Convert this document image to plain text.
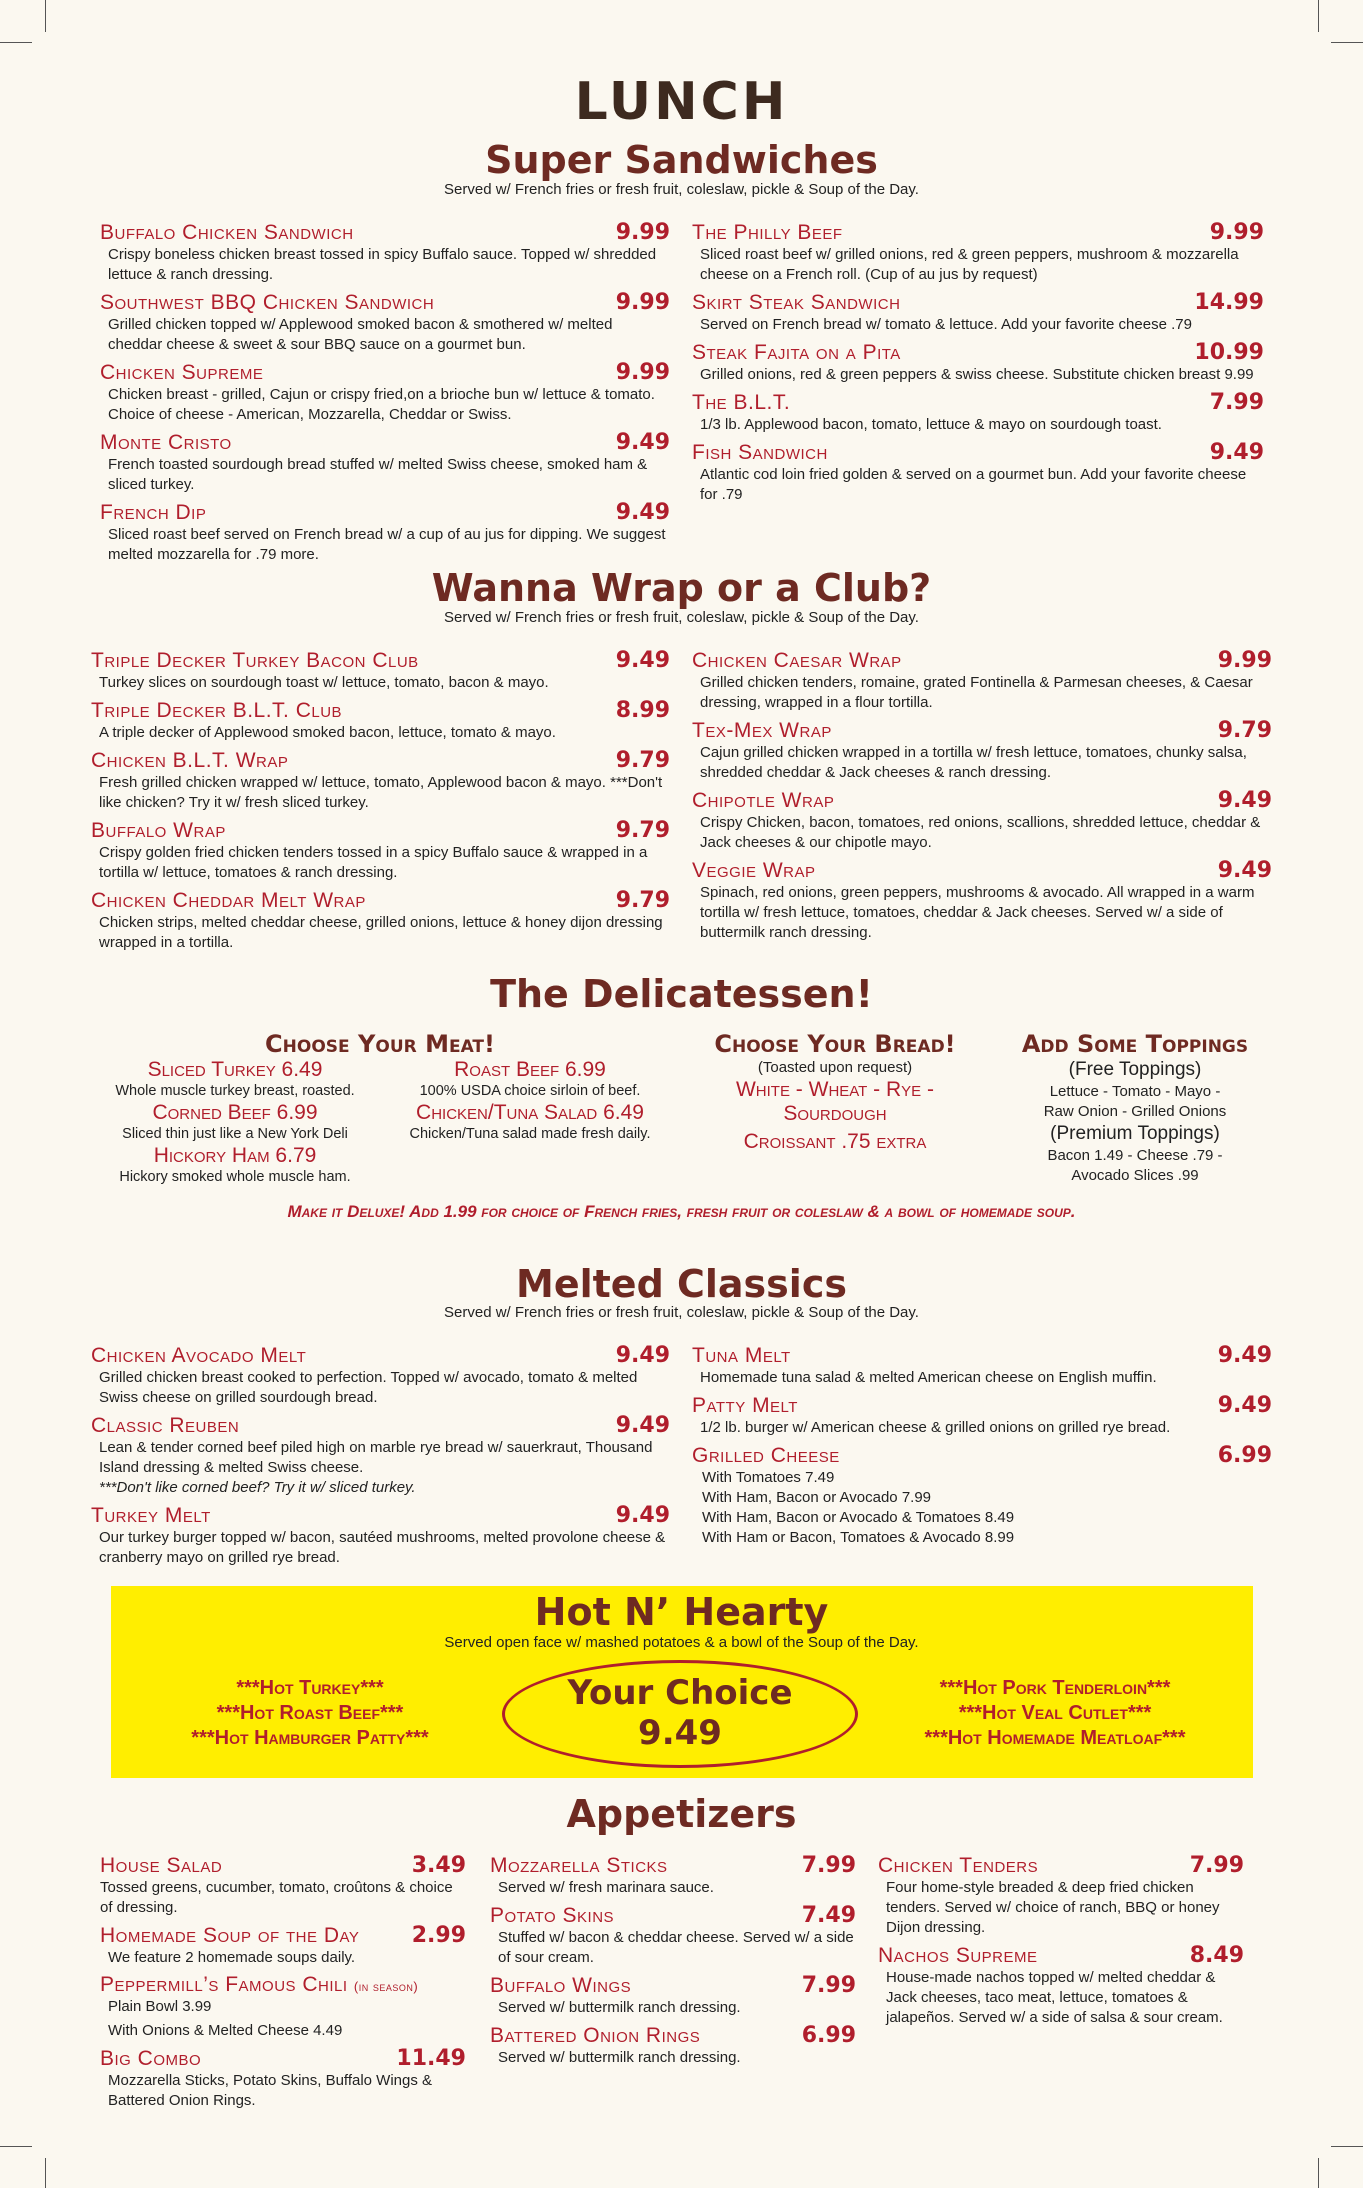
LUNCH
Super Sandwiches
Served w/ French fries or fresh fruit, coleslaw, pickle & Soup of the Day.
Buffalo Chicken Sandwich	9.99
Crispy boneless chicken breast tossed in spicy Buffalo sauce. Topped w/ shredded lettuce & ranch dressing.
Southwest BBQ Chicken Sandwich	9.99
Grilled chicken topped w/ Applewood smoked bacon & smothered w/ melted cheddar cheese & sweet & sour BBQ sauce on a gourmet bun.
Chicken Supreme	9.99
Chicken breast - grilled, Cajun or crispy fried,on a brioche bun w/ lettuce & tomato. Choice of cheese - American, Mozzarella, Cheddar or Swiss.
Monte Cristo	9.49
French toasted sourdough bread stuffed w/ melted Swiss cheese, smoked ham & sliced turkey.
French Dip	9.49
Sliced roast beef served on French bread w/ a cup of au jus for dipping. We suggest melted mozzarella for .79 more.
The Philly Beef	9.99
Sliced roast beef w/ grilled onions, red & green peppers, mushroom & mozzarella cheese on a French roll. (Cup of au jus by request)
Skirt Steak Sandwich	14.99
Served on French bread w/ tomato & lettuce. Add your favorite cheese .79
Steak Fajita on a Pita	10.99
Grilled onions, red & green peppers & swiss cheese. Substitute chicken breast 9.99
The B.L.T.	7.99
1/3 lb. Applewood bacon, tomato, lettuce & mayo on sourdough toast.
Fish Sandwich	9.49
Atlantic cod loin fried golden & served on a gourmet bun. Add your favorite cheese for .79
Wanna Wrap or a Club?
Served w/ French fries or fresh fruit, coleslaw, pickle & Soup of the Day.
Triple Decker Turkey Bacon Club	9.49
Turkey slices on sourdough toast w/ lettuce, tomato, bacon & mayo.
Triple Decker B.L.T. Club	8.99
A triple decker of Applewood smoked bacon, lettuce, tomato & mayo.
Chicken B.L.T. Wrap	9.79
Fresh grilled chicken wrapped w/ lettuce, tomato, Applewood bacon & mayo. ***Don't like chicken? Try it w/ fresh sliced turkey.
Buffalo Wrap	9.79
Crispy golden fried chicken tenders tossed in a spicy Buffalo sauce & wrapped in a tortilla w/ lettuce, tomatoes & ranch dressing.
Chicken Cheddar Melt Wrap	9.79
Chicken strips, melted cheddar cheese, grilled onions, lettuce & honey dijon dressing wrapped in a tortilla.
Chicken Caesar Wrap	9.99
Grilled chicken tenders, romaine, grated Fontinella & Parmesan cheeses, & Caesar dressing, wrapped in a flour tortilla.
Tex-Mex Wrap	9.79
Cajun grilled chicken wrapped in a tortilla w/ fresh lettuce, tomatoes, chunky salsa, shredded cheddar & Jack cheeses & ranch dressing.
Chipotle Wrap	9.49
Crispy Chicken, bacon, tomatoes, red onions, scallions, shredded lettuce, cheddar & Jack cheeses & our chipotle mayo.
Veggie Wrap	9.49
Spinach, red onions, green peppers, mushrooms & avocado. All wrapped in a warm tortilla w/ fresh lettuce, tomatoes, cheddar & Jack cheeses. Served w/ a side of buttermilk ranch dressing.
The Delicatessen!
Choose Your Meat!
Sliced Turkey 6.49
Whole muscle turkey breast, roasted.
Corned Beef 6.99
Sliced thin just like a New York Deli
Hickory Ham 6.79
Hickory smoked whole muscle ham.
Roast Beef 6.99
100% USDA choice sirloin of beef.
Chicken/Tuna Salad 6.49
Chicken/Tuna salad made fresh daily.
Choose Your Bread!
(Toasted upon request)
White - Wheat - Rye -
Sourdough
Croissant .75 extra
Add Some Toppings
(Free Toppings)
Lettuce - Tomato - Mayo -
Raw Onion - Grilled Onions
(Premium Toppings)
Bacon 1.49 - Cheese .79 -
Avocado Slices .99
Make it Deluxe! Add 1.99 for choice of French fries, fresh fruit or coleslaw & a bowl of homemade soup.
Melted Classics
Served w/ French fries or fresh fruit, coleslaw, pickle & Soup of the Day.
Chicken Avocado Melt	9.49
Grilled chicken breast cooked to perfection. Topped w/ avocado, tomato & melted Swiss cheese on grilled sourdough bread.
Classic Reuben	9.49
Lean & tender corned beef piled high on marble rye bread w/ sauerkraut, Thousand Island dressing & melted Swiss cheese.
***Don't like corned beef? Try it w/ sliced turkey.
Turkey Melt	9.49
Our turkey burger topped w/ bacon, sautéed mushrooms, melted provolone cheese & cranberry mayo on grilled rye bread.
Tuna Melt	9.49
Homemade tuna salad & melted American cheese on English muffin.
Patty Melt	9.49
1/2 lb. burger w/ American cheese & grilled onions on grilled rye bread.
Grilled Cheese	6.99
With Tomatoes 7.49
With Ham, Bacon or Avocado 7.99
With Ham, Bacon or Avocado & Tomatoes 8.49
With Ham or Bacon, Tomatoes & Avocado 8.99
Hot N’ Hearty
Served open face w/ mashed potatoes & a bowl of the Soup of the Day.
***Hot Turkey***
***Hot Roast Beef***
***Hot Hamburger Patty***
Your Choice
9.49
***Hot Pork Tenderloin***
***Hot Veal Cutlet***
***Hot Homemade Meatloaf***
Appetizers
House Salad	3.49
Tossed greens, cucumber, tomato, croûtons & choice of dressing.
Homemade Soup of the Day 2.99
We feature 2 homemade soups daily.
Peppermill’s Famous Chili (in season)
Plain Bowl 3.99
With Onions & Melted Cheese 4.49
Big Combo	11.49
Mozzarella Sticks, Potato Skins, Buffalo Wings & Battered Onion Rings.
Mozzarella Sticks	7.99
Served w/ fresh marinara sauce.
Potato Skins	7.49
Stuffed w/ bacon & cheddar cheese. Served w/ a side of sour cream.
Buffalo Wings	7.99
Served w/ buttermilk ranch dressing.
Battered Onion Rings	6.99
Served w/ buttermilk ranch dressing.
Chicken Tenders	7.99
Four home-style breaded & deep fried chicken tenders. Served w/ choice of ranch, BBQ or honey Dijon dressing.
Nachos Supreme	8.49
House-made nachos topped w/ melted cheddar & Jack cheeses, taco meat, lettuce, tomatoes & jalapeños. Served w/ a side of salsa & sour cream.
